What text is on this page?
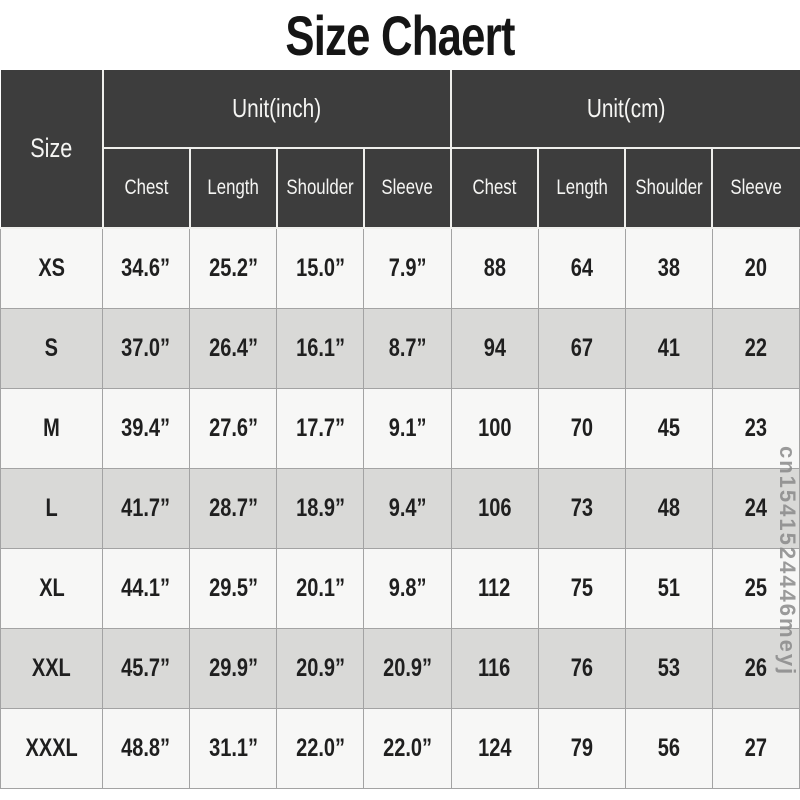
Size Chaert
Size	Unit(inch)				Unit(cm)			
	Chest	Length	Shoulder	Sleeve	Chest	Length	Shoulder	Sleeve
XS	34.6”	25.2”	15.0”	7.9”	88	64	38	20
S	37.0”	26.4”	16.1”	8.7”	94	67	41	22
M	39.4”	27.6”	17.7”	9.1”	100	70	45	23
L	41.7”	28.7”	18.9”	9.4”	106	73	48	24
XL	44.1”	29.5”	20.1”	9.8”	112	75	51	25
XXL	45.7”	29.9”	20.9”	20.9”	116	76	53	26
XXXL	48.8”	31.1”	22.0”	22.0”	124	79	56	27
cn1541524446meyj
